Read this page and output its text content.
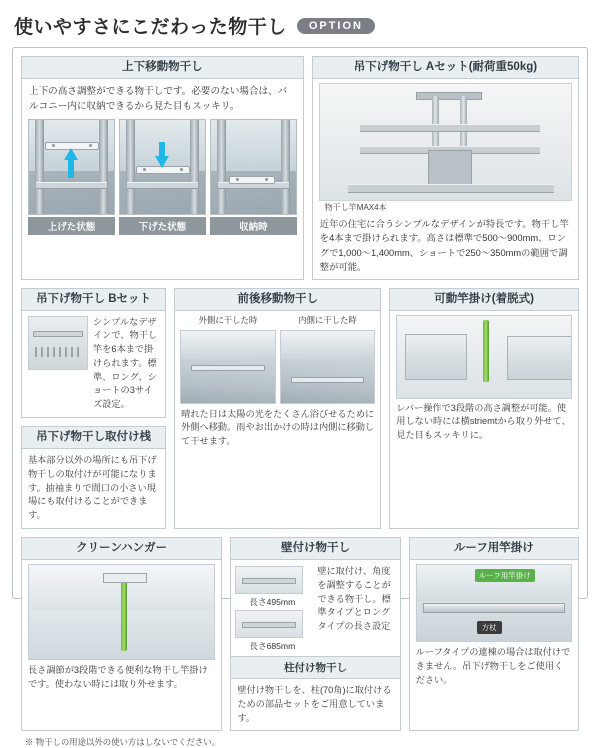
使いやすさにこだわった物干し	OPTION
上下移動物干し
上下の高さ調整ができる物干しです。必要のない場合は、バルコニー内に収納できるから見た目もスッキリ。
上げた状態	下げた状態	収納時
吊下げ物干し Aセット(耐荷重50kg)
物干し竿MAX4本
近年の住宅に合うシンプルなデザインが特長です。物干し竿を4本まで掛けられます。高さは標準で500〜900mm、ロングで1,000〜1,400mm、ショートで250〜350mmの範囲で調整が可能。
吊下げ物干し Bセット
シンプルなデザインで、物干し竿を6本まで掛けられます。標準、ロング、ショートの3サイズ設定。
吊下げ物干し取付け桟
基本部分以外の場所にも吊下げ物干しの取付けが可能になります。抽袖まりで間口の小さい現場にも取付けることができます。
前後移動物干し
外側に干した時	内側に干した時
晴れた日は太陽の光をたくさん浴びせるために外側へ移動。雨やお出かけの時は内側に移動して干せます。
可動竿掛け(着脱式)
レバー操作で3段階の高さ調整が可能。使用しない時には横striemtから取り外せて、見た目もスッキリに。
クリーンハンガー
長さ調節が3段階できる便利な物干し竿掛けです。使わない時には取り外せます。
壁付け物干し
長さ495mm
長さ685mm
壁に取付け、角度を調整することができる物干し。標準タイプとロングタイプの長さ設定
柱付け物干し
壁付け物干しを、柱(70角)に取付けるための部品セットをご用意しています。
ルーフ用竿掛け
ルーフ用竿掛け
方杖
ルーフタイプの連棟の場合は取付けできません。吊下げ物干しをご使用ください。
※ 物干しの用途以外の使い方はしないでください。
